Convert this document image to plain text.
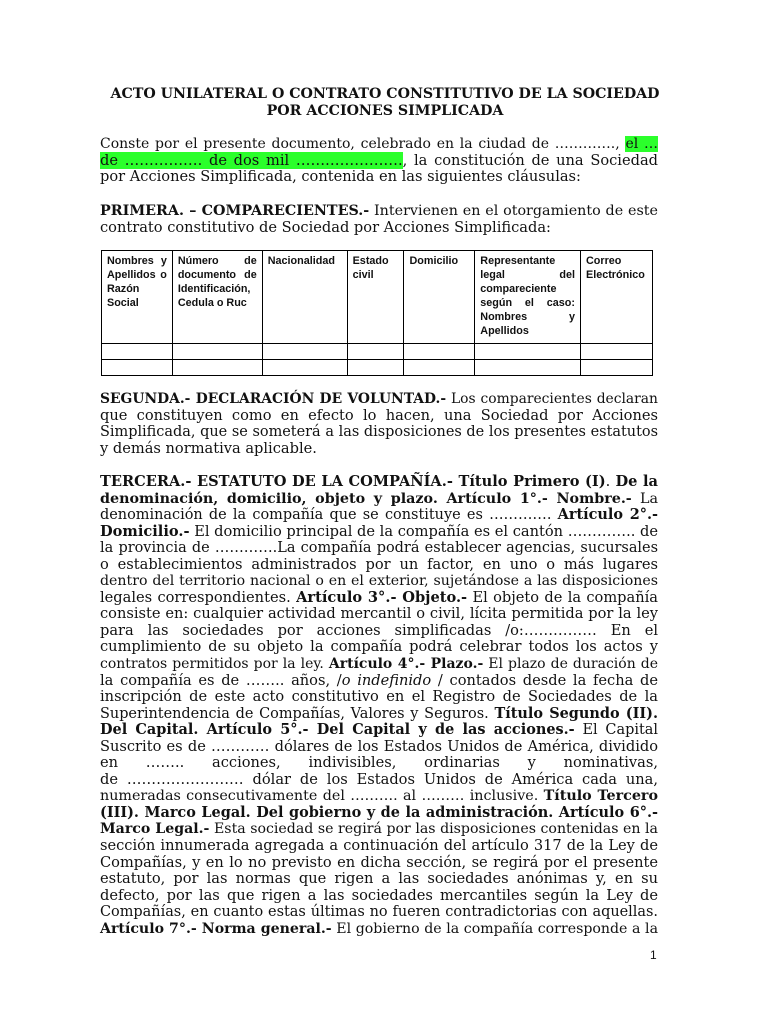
ACTO UNILATERAL O CONTRATO CONSTITUTIVO DE LA SOCIEDAD
POR ACCIONES SIMPLICADA
Conste por el presente documento, celebrado en la ciudad de …………., el …
de ……………. de dos mil …………………., la constitución de una Sociedad
por Acciones Simplificada, contenida en las siguientes cláusulas:
PRIMERA. – COMPARECIENTES.- Intervienen en el otorgamiento de este
contrato constitutivo de Sociedad por Acciones Simplificada:
Nombres y Apellidos o Razón Social	Número de documento de Identificación, Cedula o Ruc	Nacionalidad	Estado civil	Domicilio	Representante legal del compareciente según el caso: Nombres y Apellidos	Correo Electrónico

SEGUNDA.- DECLARACIÓN DE VOLUNTAD.- Los comparecientes declaran
que constituyen como en efecto lo hacen, una Sociedad por Acciones
Simplificada, que se someterá a las disposiciones de los presentes estatutos
y demás normativa aplicable.
TERCERA.- ESTATUTO DE LA COMPAÑÍA.- Título Primero (I). De la
denominación, domicilio, objeto y plazo. Artículo 1°.- Nombre.- La
denominación de la compañía que se constituye es …………. Artículo 2°.-
Domicilio.- El domicilio principal de la compañía es el cantón ………….. de
la provincia de ………….La compañía podrá establecer agencias, sucursales
o establecimientos administrados por un factor, en uno o más lugares
dentro del territorio nacional o en el exterior, sujetándose a las disposiciones
legales correspondientes. Artículo 3°.- Objeto.- El objeto de la compañía
consiste en: cualquier actividad mercantil o civil, lícita permitida por la ley
para las sociedades por acciones simplificadas /o:…………… En el
cumplimiento de su objeto la compañía podrá celebrar todos los actos y
contratos permitidos por la ley. Artículo 4°.- Plazo.- El plazo de duración de
la compañía es de …….. años, /o indefinido / contados desde la fecha de
inscripción de este acto constitutivo en el Registro de Sociedades de la
Superintendencia de Compañías, Valores y Seguros. Título Segundo (II).
Del Capital. Artículo 5°.- Del Capital y de las acciones.- El Capital
Suscrito es de ………… dólares de los Estados Unidos de América, dividido
en …….. acciones, indivisibles, ordinarias y nominativas,
de …………………… dólar de los Estados Unidos de América cada una,
numeradas consecutivamente del ………. al ……… inclusive. Título Tercero
(III). Marco Legal. Del gobierno y de la administración. Artículo 6°.-
Marco Legal.- Esta sociedad se regirá por las disposiciones contenidas en la
sección innumerada agregada a continuación del artículo 317 de la Ley de
Compañías, y en lo no previsto en dicha sección, se regirá por el presente
estatuto, por las normas que rigen a las sociedades anónimas y, en su
defecto, por las que rigen a las sociedades mercantiles según la Ley de
Compañías, en cuanto estas últimas no fueren contradictorias con aquellas.
Artículo 7°.- Norma general.- El gobierno de la compañía corresponde a la
1
